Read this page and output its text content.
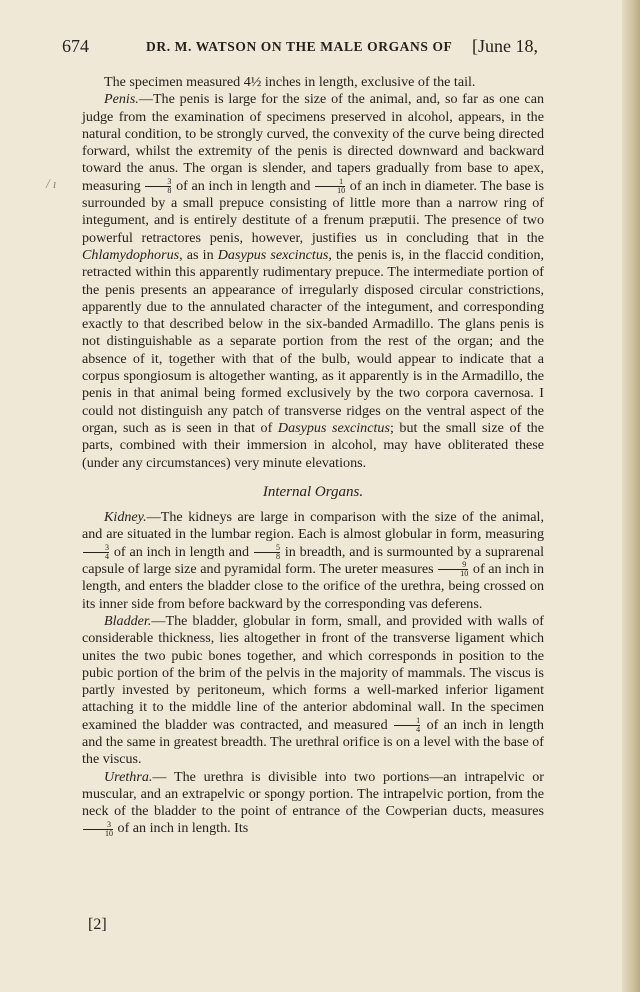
/ ı
674	DR. M. WATSON ON THE MALE ORGANS OF [June 18,

The specimen measured 4½ inches in length, exclusive of the tail.

Penis.—The penis is large for the size of the animal, and, so far as one can judge from the examination of specimens preserved in alcohol, appears, in the natural condition, to be strongly curved, the convexity of the curve being directed forward, whilst the extremity of the penis is directed downward and backward toward the anus. The organ is slender, and tapers gradually from base to apex, measuring $\frac{3}{8}$ of an inch in length and $\frac{1}{10}$ of an inch in diameter. The base is surrounded by a small prepuce consisting of little more than a narrow ring of integument, and is entirely destitute of a frenum præputii. The presence of two powerful retractores penis, however, justifies us in concluding that in the Chlamydophorus, as in Dasypus sexcinctus, the penis is, in the flaccid condition, retracted within this apparently rudimentary prepuce. The intermediate portion of the penis presents an appearance of irregularly disposed circular constrictions, apparently due to the annulated character of the integument, and corresponding exactly to that described below in the six-banded Armadillo. The glans penis is not distinguishable as a separate portion from the rest of the organ; and the absence of it, together with that of the bulb, would appear to indicate that a corpus spongiosum is altogether wanting, as it apparently is in the Armadillo, the penis in that animal being formed exclusively by the two corpora cavernosa. I could not distinguish any patch of transverse ridges on the ventral aspect of the organ, such as is seen in that of Dasypus sexcinctus; but the small size of the parts, combined with their immersion in alcohol, may have obliterated these (under any circumstances) very minute elevations.

Internal Organs.

Kidney.—The kidneys are large in comparison with the size of the animal, and are situated in the lumbar region. Each is almost globular in form, measuring
$\frac{3}{4}$ of an inch in length and $\frac{5}{8}$ in breadth, and is surmounted by a suprarenal capsule of large size and pyramidal form. The ureter measures $\frac{9}{10}$ of an inch in length, and enters the bladder close to the orifice of the urethra, being crossed on its inner side from before backward by the corresponding vas deferens.

Bladder.—The bladder, globular in form, small, and provided with walls of considerable thickness, lies altogether in front of the transverse ligament which unites the two pubic bones together, and which corresponds in position to the pubic portion of the brim of the pelvis in the majority of mammals. The viscus is partly invested by peritoneum, which forms a well-marked inferior ligament attaching it to the middle line of the anterior abdominal wall. In the specimen examined the bladder was contracted, and measured $\frac{1}{4}$ of an inch in length and the same in greatest breadth. The urethral orifice is on a level with the base of the viscus.

Urethra.— The urethra is divisible into two portions—an intrapelvic or muscular, and an extrapelvic or spongy portion. The intrapelvic portion, from the neck of the bladder to the point of entrance of the Cowperian ducts, measures
$\frac{3}{10}$ of an inch in length. Its

[2]
